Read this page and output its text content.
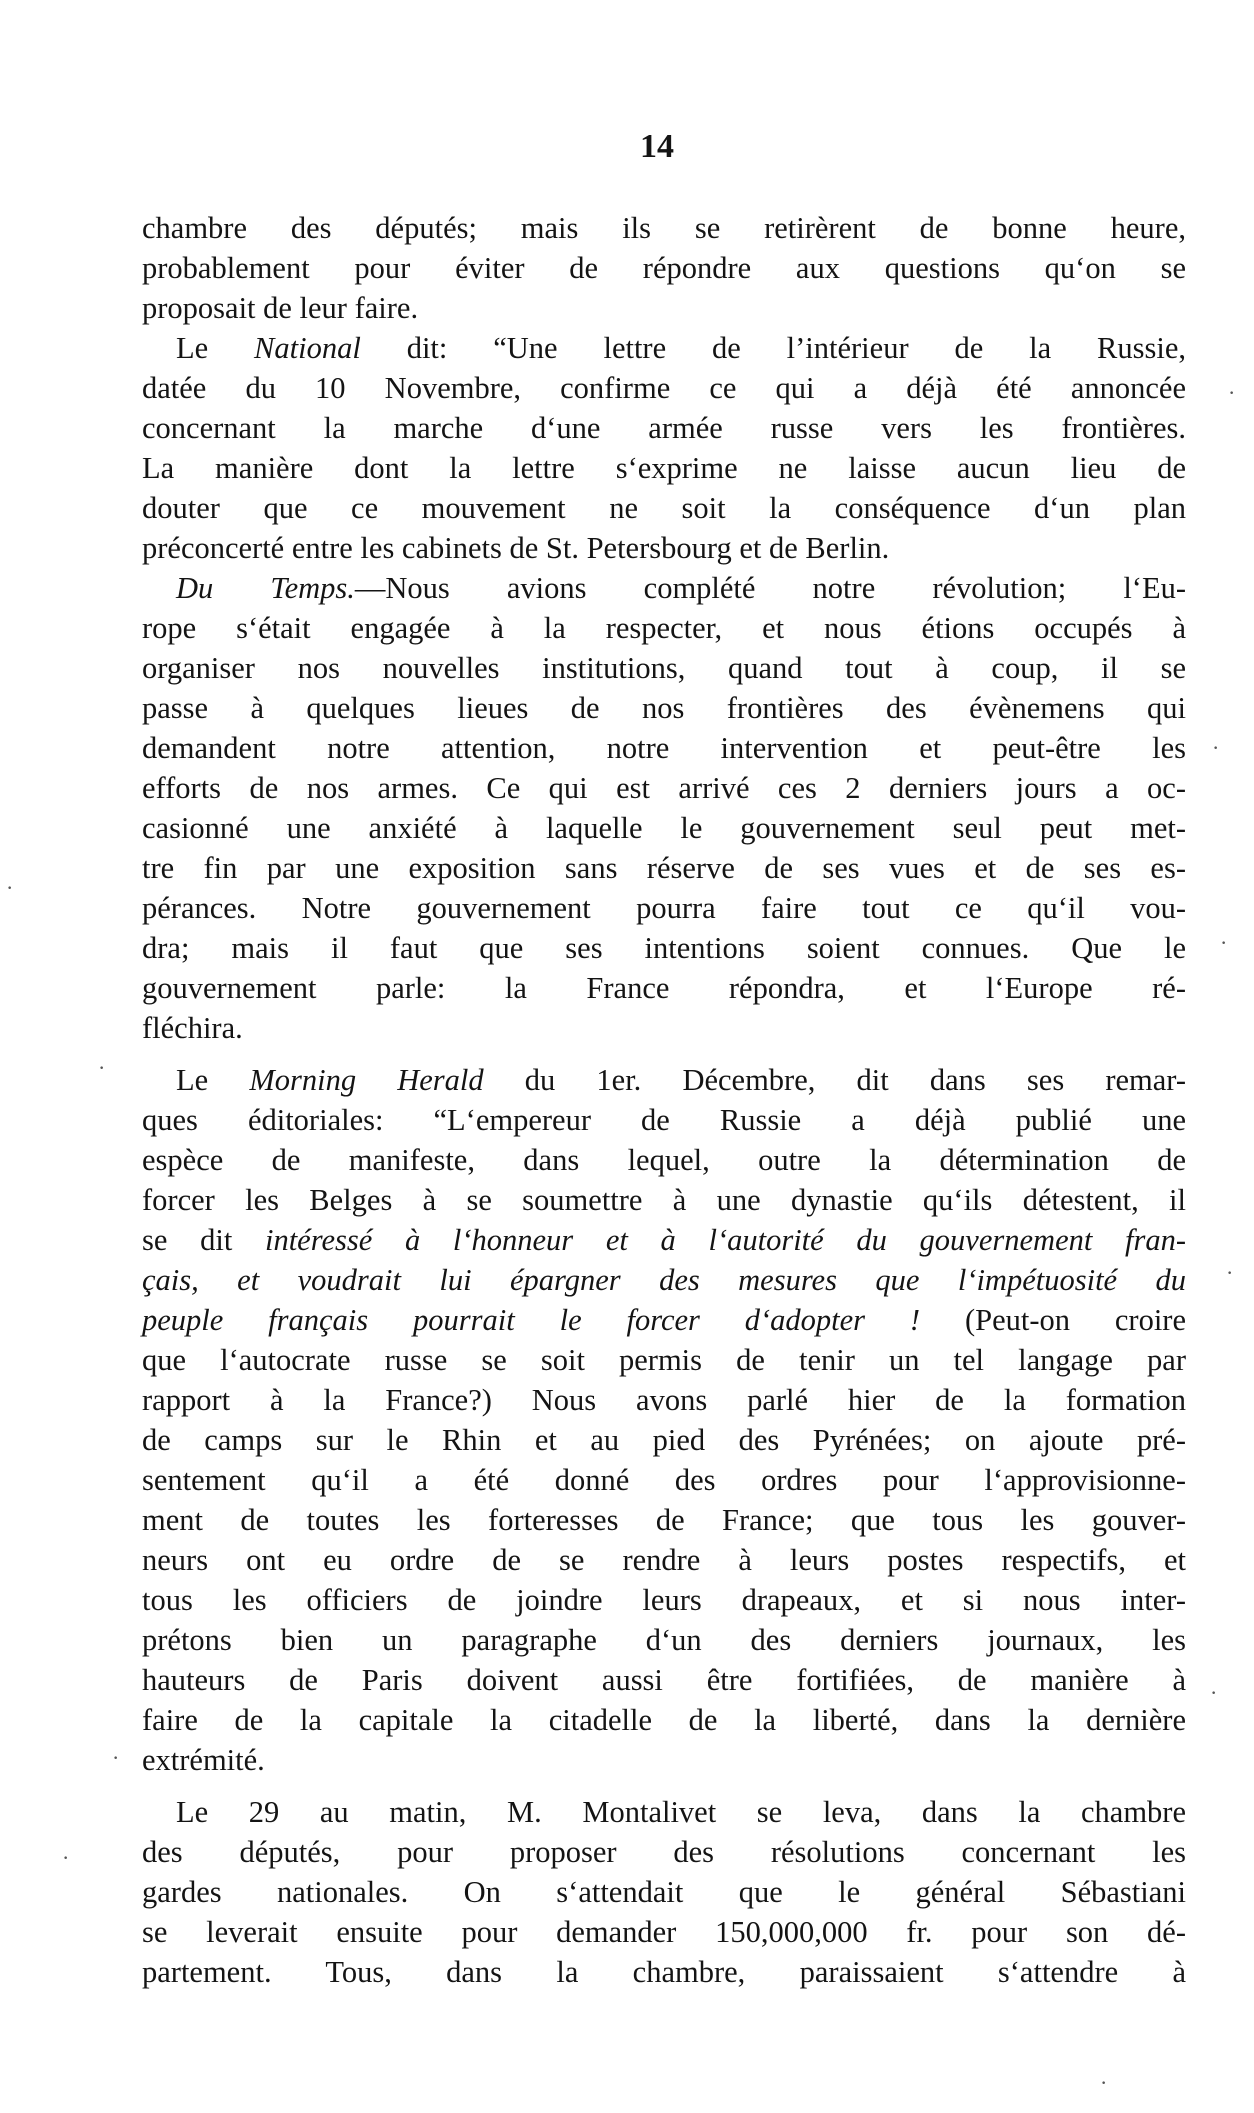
14
chambre des députés; mais ils se retirèrent de bonne heure,
probablement pour éviter de répondre aux questions qu‘on se
proposait de leur faire.
Le National dit: “Une lettre de l’intérieur de la Russie,
datée du 10 Novembre, confirme ce qui a déjà été annoncée
concernant la marche d‘une armée russe vers les frontières.
La manière dont la lettre s‘exprime ne laisse aucun lieu de
douter que ce mouvement ne soit la conséquence d‘un plan
préconcerté entre les cabinets de St. Petersbourg et de Berlin.
Du Temps.—Nous avions complété notre révolution; l‘Eu-
rope s‘était engagée à la respecter, et nous étions occupés à
organiser nos nouvelles institutions, quand tout à coup, il se
passe à quelques lieues de nos frontières des évènemens qui
demandent notre attention, notre intervention et peut-être les
efforts de nos armes. Ce qui est arrivé ces 2 derniers jours a oc-
casionné une anxiété à laquelle le gouvernement seul peut met-
tre fin par une exposition sans réserve de ses vues et de ses es-
pérances. Notre gouvernement pourra faire tout ce qu‘il vou-
dra; mais il faut que ses intentions soient connues. Que le
gouvernement parle: la France répondra, et l‘Europe ré-
fléchira.
Le Morning Herald du 1er. Décembre, dit dans ses remar-
ques éditoriales: “L‘empereur de Russie a déjà publié une
espèce de manifeste, dans lequel, outre la détermination de
forcer les Belges à se soumettre à une dynastie qu‘ils détestent, il
se dit intéressé à l‘honneur et à l‘autorité du gouvernement fran-
çais, et voudrait lui épargner des mesures que l‘impétuosité du
peuple français pourrait le forcer d‘adopter ! (Peut-on croire
que l‘autocrate russe se soit permis de tenir un tel langage par
rapport à la France?) Nous avons parlé hier de la formation
de camps sur le Rhin et au pied des Pyrénées; on ajoute pré-
sentement qu‘il a été donné des ordres pour l‘approvisionne-
ment de toutes les forteresses de France; que tous les gouver-
neurs ont eu ordre de se rendre à leurs postes respectifs, et
tous les officiers de joindre leurs drapeaux, et si nous inter-
prétons bien un paragraphe d‘un des derniers journaux, les
hauteurs de Paris doivent aussi être fortifiées, de manière à
faire de la capitale la citadelle de la liberté, dans la dernière
extrémité.
Le 29 au matin, M. Montalivet se leva, dans la chambre
des députés, pour proposer des résolutions concernant les
gardes nationales. On s‘attendait que le général Sébastiani
se leverait ensuite pour demander 150,000,000 fr. pour son dé-
partement. Tous, dans la chambre, paraissaient s‘attendre à
·
·
·
·
·
·
·
·
·
·
